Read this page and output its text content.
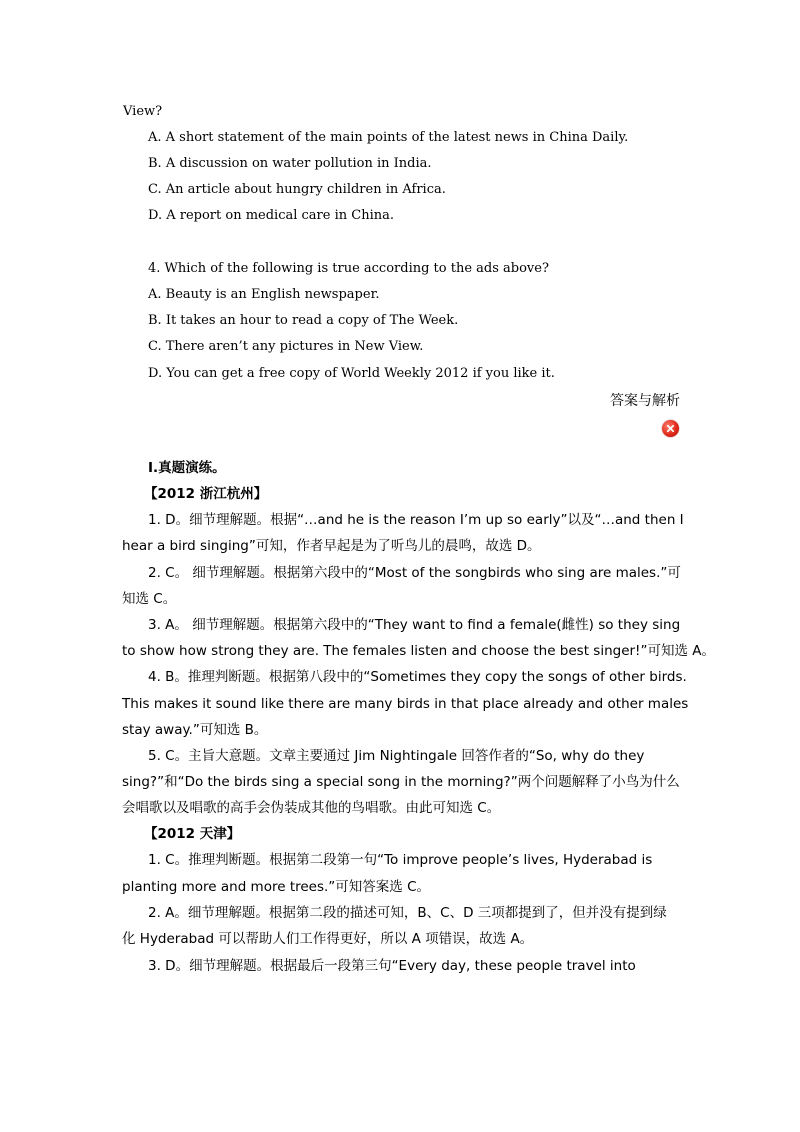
View?
A. A short statement of the main points of the latest news in China Daily.
B. A discussion on water pollution in India.
C. An article about hungry children in Africa.
D. A report on medical care in China.
4. Which of the following is true according to the ads above?
A. Beauty is an English newspaper.
B. It takes an hour to read a copy of The Week.
C. There aren’t any pictures in New View.
D. You can get a free copy of World Weekly 2012 if you like it.
答案与解析
I.真题演练。
【2012 浙江杭州】
1. D。细节理解题。根据“…and he is the reason I’m up so early”以及“…and then I
hear a bird singing”可知，作者早起是为了听鸟儿的晨鸣，故选 D。
2. C。 细节理解题。根据第六段中的“Most of the songbirds who sing are males.”可
知选 C。
3. A。 细节理解题。根据第六段中的“They want to find a female(雌性) so they sing
to show how strong they are. The females listen and choose the best singer!”可知选 A。
4. B。推理判断题。根据第八段中的“Sometimes they copy the songs of other birds.
This makes it sound like there are many birds in that place already and other males
stay away.”可知选 B。
5. C。主旨大意题。文章主要通过 Jim Nightingale 回答作者的“So, why do they
sing?”和“Do the birds sing a special song in the morning?”两个问题解释了小鸟为什么
会唱歌以及唱歌的高手会伪装成其他的鸟唱歌。由此可知选 C。
【2012 天津】
1. C。推理判断题。根据第二段第一句“To improve people’s lives, Hyderabad is
planting more and more trees.”可知答案选 C。
2. A。细节理解题。根据第二段的描述可知，B、C、D 三项都提到了，但并没有提到绿
化 Hyderabad 可以帮助人们工作得更好，所以 A 项错误，故选 A。
3. D。细节理解题。根据最后一段第三句“Every day, these people travel into
